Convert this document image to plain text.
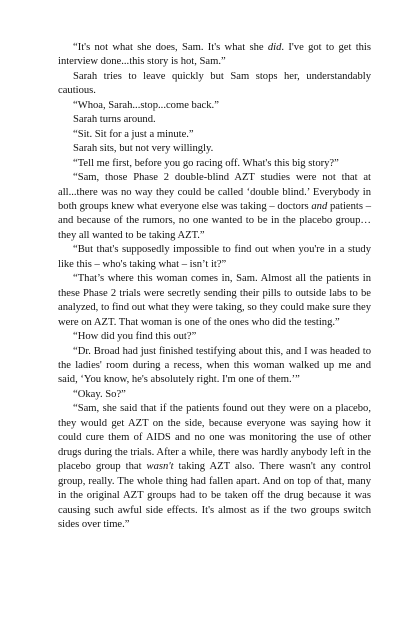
“It's not what she does, Sam. It's what she did. I've got to get this interview done...this story is hot, Sam.”

Sarah tries to leave quickly but Sam stops her, understandably cautious.

“Whoa, Sarah...stop...come back.”

Sarah turns around.

“Sit. Sit for a just a minute.”

Sarah sits, but not very willingly.

“Tell me first, before you go racing off. What's this big story?”

“Sam, those Phase 2 double-blind AZT studies were not that at all...there was no way they could be called ‘double blind.’ Everybody in both groups knew what everyone else was taking – doctors and patients – and because of the rumors, no one wanted to be in the placebo group…they all wanted to be taking AZT.”

“But that's supposedly impossible to find out when you're in a study like this – who's taking what – isn’t it?”

“That’s where this woman comes in, Sam. Almost all the patients in these Phase 2 trials were secretly sending their pills to outside labs to be analyzed, to find out what they were taking, so they could make sure they were on AZT. That woman is one of the ones who did the testing.”

“How did you find this out?”

“Dr. Broad had just finished testifying about this, and I was headed to the ladies' room during a recess, when this woman walked up me and said, ‘You know, he's absolutely right. I'm one of them.’”

“Okay. So?”

“Sam, she said that if the patients found out they were on a placebo, they would get AZT on the side, because everyone was saying how it could cure them of AIDS and no one was monitoring the use of other drugs during the trials. After a while, there was hardly anybody left in the placebo group that wasn't taking AZT also. There wasn't any control group, really. The whole thing had fallen apart. And on top of that, many in the original AZT groups had to be taken off the drug because it was causing such awful side effects. It's almost as if the two groups switch sides over time.”
